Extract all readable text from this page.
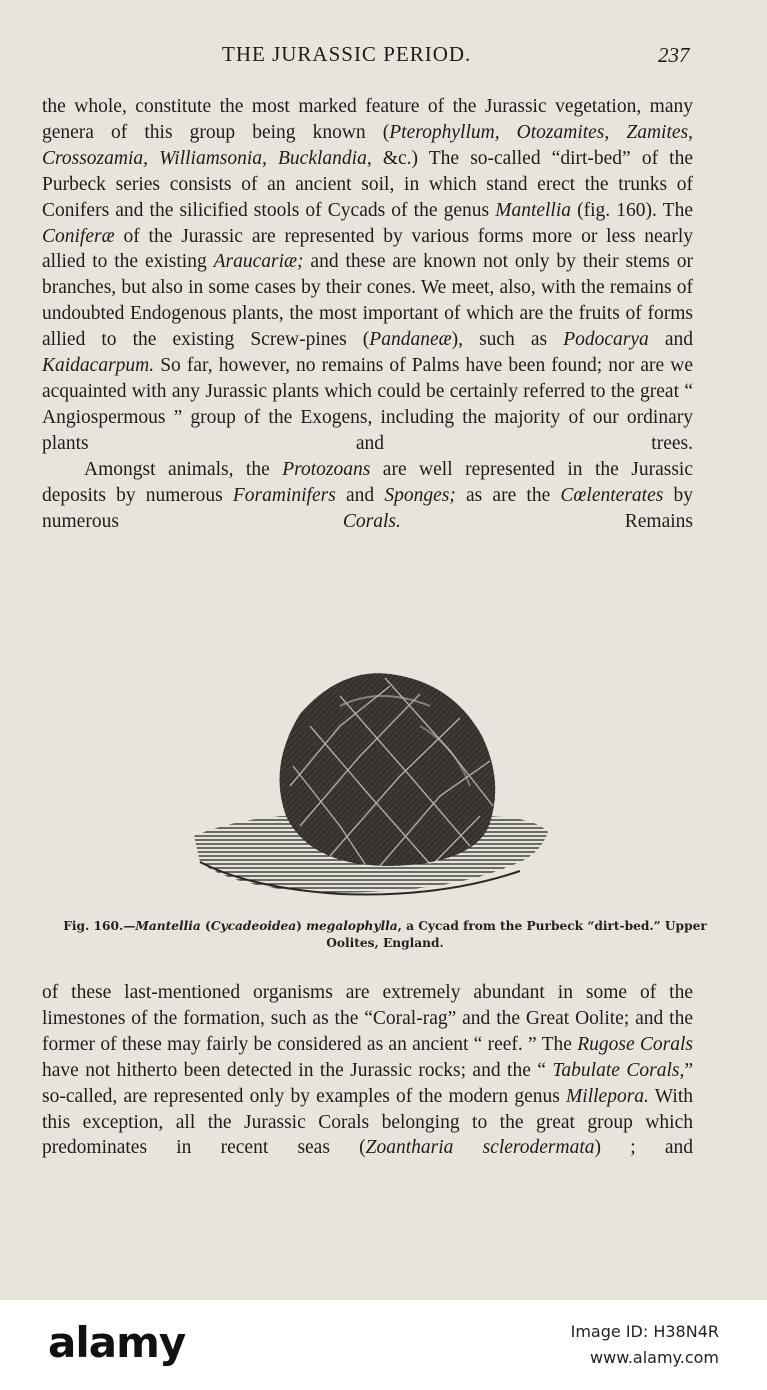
THE JURASSIC PERIOD.	237

the whole, constitute the most marked feature of the Jurassic vegetation, many genera of this group being known (Pterophyllum, Otozamites, Zamites, Crossozamia, Williamsonia, Bucklandia, &c.) The so-called “dirt-bed” of the Purbeck series consists of an ancient soil, in which stand erect the trunks of Conifers and the silicified stools of Cycads of the genus Mantellia (fig. 160). The Coniferæ of the Jurassic are represented by various forms more or less nearly allied to the existing Araucariæ; and these are known not only by their stems or branches, but also in some cases by their cones. We meet, also, with the remains of undoubted Endogenous plants, the most important of which are the fruits of forms allied to the existing Screw-pines (Pandaneæ), such as Podocarya and Kaidacarpum. So far, however, no remains of Palms have been found; nor are we acquainted with any Jurassic plants which could be certainly referred to the great “ Angiospermous ” group of the Exogens, including the majority of our ordinary plants and trees.

Amongst animals, the Protozoans are well represented in the Jurassic deposits by numerous Foraminifers and Sponges; as are the Cœlenterates by numerous Corals. Remains

Fig. 160.—Mantellia (Cycadeoidea) megalophylla, a Cycad from the Purbeck “dirt-bed.” Upper Oolites, England.

of these last-mentioned organisms are extremely abundant in some of the limestones of the formation, such as the “Coral-rag” and the Great Oolite; and the former of these may fairly be considered as an ancient “ reef. ” The Rugose Corals have not hitherto been detected in the Jurassic rocks; and the “ Tabulate Corals,” so-called, are represented only by examples of the modern genus Millepora. With this exception, all the Jurassic Corals belonging to the great group which predominates in recent seas (Zoantharia sclerodermata) ; and

alamy	Image ID: H38N4R
www.alamy.com
